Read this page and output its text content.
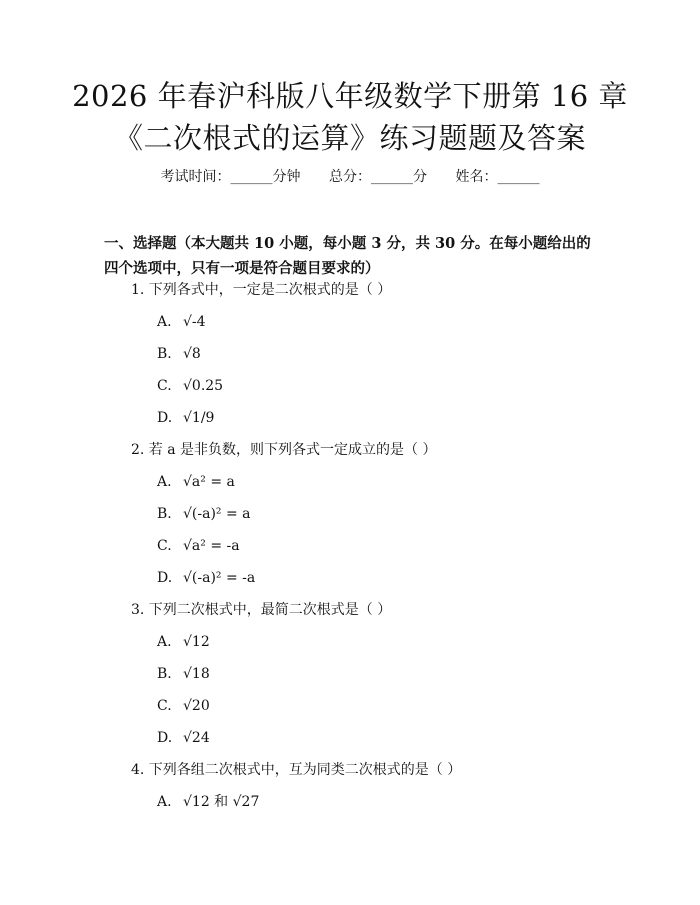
2026 年春沪科版八年级数学下册第 16 章
《二次根式的运算》练习题题及答案
考试时间：______分钟 总分：______分 姓名：______
一、选择题（本大题共 10 小题，每小题 3 分，共 30 分。在每小题给出的四个选项中，只有一项是符合题目要求的）
1. 下列各式中，一定是二次根式的是（ ）
A. √-4
B. √8
C. √0.25
D. √1/9
2. 若 a 是非负数，则下列各式一定成立的是（ ）
A. √a² = a
B. √(-a)² = a
C. √a² = -a
D. √(-a)² = -a
3. 下列二次根式中，最简二次根式是（ ）
A. √12
B. √18
C. √20
D. √24
4. 下列各组二次根式中，互为同类二次根式的是（ ）
A. √12 和 √27
